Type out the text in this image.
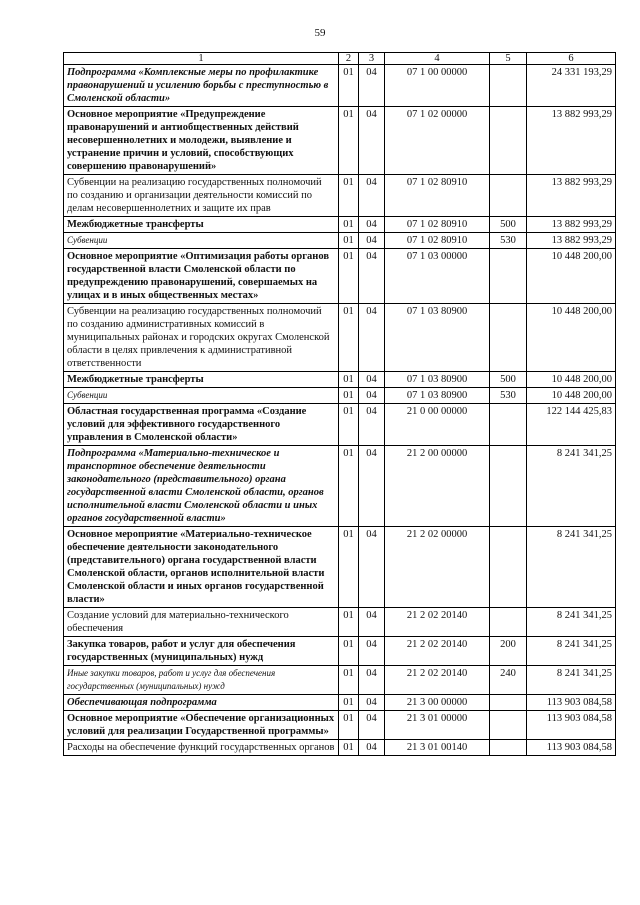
59
1	2	3	4	5	6
Подпрограмма «Комплексные меры по профилактике правонарушений и усилению борьбы с преступностью в Смоленской области»	01	04	07 1 00 00000		24 331 193,29
Основное мероприятие «Предупреждение правонарушений и антиобщественных действий несовершеннолетних и молодежи, выявление и устранение причин и условий, способствующих совершению правонарушений»	01	04	07 1 02 00000		13 882 993,29
Субвенции на реализацию государственных полномочий по созданию и организации деятельности комиссий по делам несовершеннолетних и защите их прав	01	04	07 1 02 80910		13 882 993,29
Межбюджетные трансферты	01	04	07 1 02 80910	500	13 882 993,29
Субвенции	01	04	07 1 02 80910	530	13 882 993,29
Основное мероприятие «Оптимизация работы органов государственной власти Смоленской области по предупреждению правонарушений, совершаемых на улицах и в иных общественных местах»	01	04	07 1 03 00000		10 448 200,00
Субвенции на реализацию государственных полномочий по созданию административных комиссий в муниципальных районах и городских округах Смоленской области в целях привлечения к административной ответственности	01	04	07 1 03 80900		10 448 200,00
Межбюджетные трансферты	01	04	07 1 03 80900	500	10 448 200,00
Субвенции	01	04	07 1 03 80900	530	10 448 200,00
Областная государственная программа «Создание условий для эффективного государственного управления в Смоленской области»	01	04	21 0 00 00000		122 144 425,83
Подпрограмма «Материально-техническое и транспортное обеспечение деятельности законодательного (представительного) органа государственной власти Смоленской области, органов исполнительной власти Смоленской области и иных органов государственной власти»	01	04	21 2 00 00000		8 241 341,25
Основное мероприятие «Материально-техническое обеспечение деятельности законодательного (представительного) органа государственной власти Смоленской области, органов исполнительной власти Смоленской области и иных органов государственной власти»	01	04	21 2 02 00000		8 241 341,25
Создание условий для материально-технического обеспечения	01	04	21 2 02 20140		8 241 341,25
Закупка товаров, работ и услуг для обеспечения государственных (муниципальных) нужд	01	04	21 2 02 20140	200	8 241 341,25
Иные закупки товаров, работ и услуг для обеспечения государственных (муниципальных) нужд	01	04	21 2 02 20140	240	8 241 341,25
Обеспечивающая подпрограмма	01	04	21 3 00 00000		113 903 084,58
Основное мероприятие «Обеспечение организационных условий для реализации Государственной программы»	01	04	21 3 01 00000		113 903 084,58
Расходы на обеспечение функций государственных органов	01	04	21 3 01 00140		113 903 084,58
